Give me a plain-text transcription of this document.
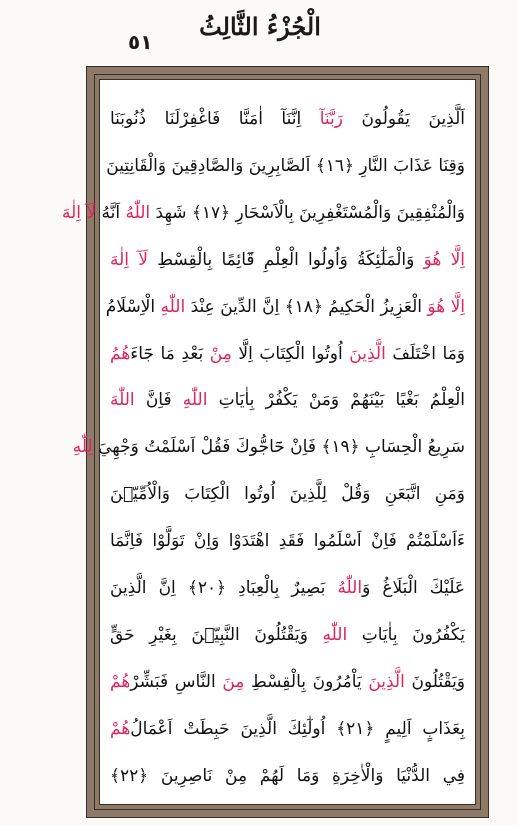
٥١
الْجُزْءُ الثَّالِثُ
اَلَّذِينَ يَقُولُونَ رَبَّنَآ اِنَّنَآ اٰمَنَّا فَاغْفِرْلَنَا ذُنُوبَنَا
وَقِنَا عَذَابَ النَّارِ ﴿١٦﴾ اَلصَّابِرِينَ وَالصَّادِقِينَ وَالْقَانِتِينَ
وَالْمُنْفِقِينَ وَالْمُسْتَغْفِرِينَ بِالْاَسْحَارِ ﴿١٧﴾ شَهِدَ اللّٰهُ اَنَّهُ لَآ اِلٰهَ
اِلَّا هُوَ وَالْمَلٰٓئِكَةُ وَاُولُوا الْعِلْمِ قَٓائِمًا بِالْقِسْطِ لَآ اِلٰهَ
اِلَّا هُوَ الْعَزِيزُ الْحَكِيمُ ﴿١٨﴾ اِنَّ الدِّينَ عِنْدَ اللّٰهِ الْاِسْلَامُ
وَمَا اخْتَلَفَ الَّذِينَ اُوتُوا الْكِتَابَ اِلَّا مِنْ بَعْدِ مَا جَٓاءَهُمُ
الْعِلْمُ بَغْيًا بَيْنَهُمْ وَمَنْ يَكْفُرْ بِاٰيَاتِ اللّٰهِ فَاِنَّ اللّٰهَ
سَرِيعُ الْحِسَابِ ﴿١٩﴾ فَاِنْ حَٓاجُّوكَ فَقُلْ اَسْلَمْتُ وَجْهِيَ لِلّٰهِ
وَمَنِ اتَّبَعَنِ وَقُلْ لِلَّذِينَ اُوتُوا الْكِتَابَ وَالْاُمِّيّٖنَ
ءَاَسْلَمْتُمْ فَاِنْ اَسْلَمُوا فَقَدِ اهْتَدَوْا وَاِنْ تَوَلَّوْا فَاِنَّمَا
عَلَيْكَ الْبَلَاغُ وَاللّٰهُ بَصِيرٌ بِالْعِبَادِ ﴿٢٠﴾ اِنَّ الَّذِينَ
يَكْفُرُونَ بِاٰيَاتِ اللّٰهِ وَيَقْتُلُونَ النَّبِيّٖنَ بِغَيْرِ حَقٍّ
وَيَقْتُلُونَ الَّذِينَ يَاْمُرُونَ بِالْقِسْطِ مِنَ النَّاسِ فَبَشِّرْهُمْ
بِعَذَابٍ اَلِيمٍ ﴿٢١﴾ اُولٰٓئِكَ الَّذِينَ حَبِطَتْ اَعْمَالُهُمْ
فِي الدُّنْيَا وَالْاٰخِرَةِ وَمَا لَهُمْ مِنْ نَاصِرِينَ ﴿٢٢﴾
